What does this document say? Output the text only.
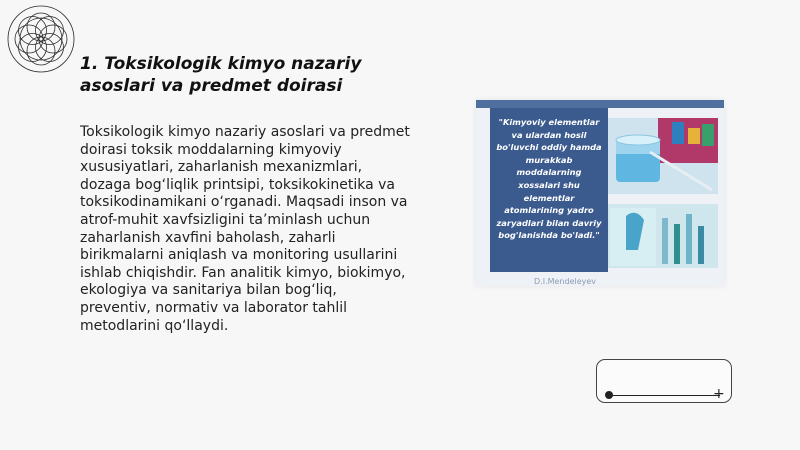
1. Toksikologik kimyo nazariy asoslari va predmet doirasi

Toksikologik kimyo nazariy asoslari va predmet doirasi toksik moddalarning kimyoviy xususiyatlari, zaharlanish mexanizmlari, dozaga bog‘liqlik printsipi, toksikokinetika va toksikodinamikani o‘rganadi. Maqsadi inson va atrof-muhit xavfsizligini ta’minlash uchun zaharlanish xavfini baholash, zaharli birikmalarni aniqlash va monitoring usullarini ishlab chiqishdir. Fan analitik kimyo, biokimyo, ekologiya va sanitariya bilan bog‘liq, preventiv, normativ va laborator tahlil metodlarini qo‘llaydi.

"Kimyoviy elementlar va ulardan hosil bo'luvchi oddiy hamda murakkab moddalarning xossalari shu elementlar atomlarining yadro zaryadlari bilan davriy bog'lanishda bo'ladi."
D.I.Mendeleyev
+
